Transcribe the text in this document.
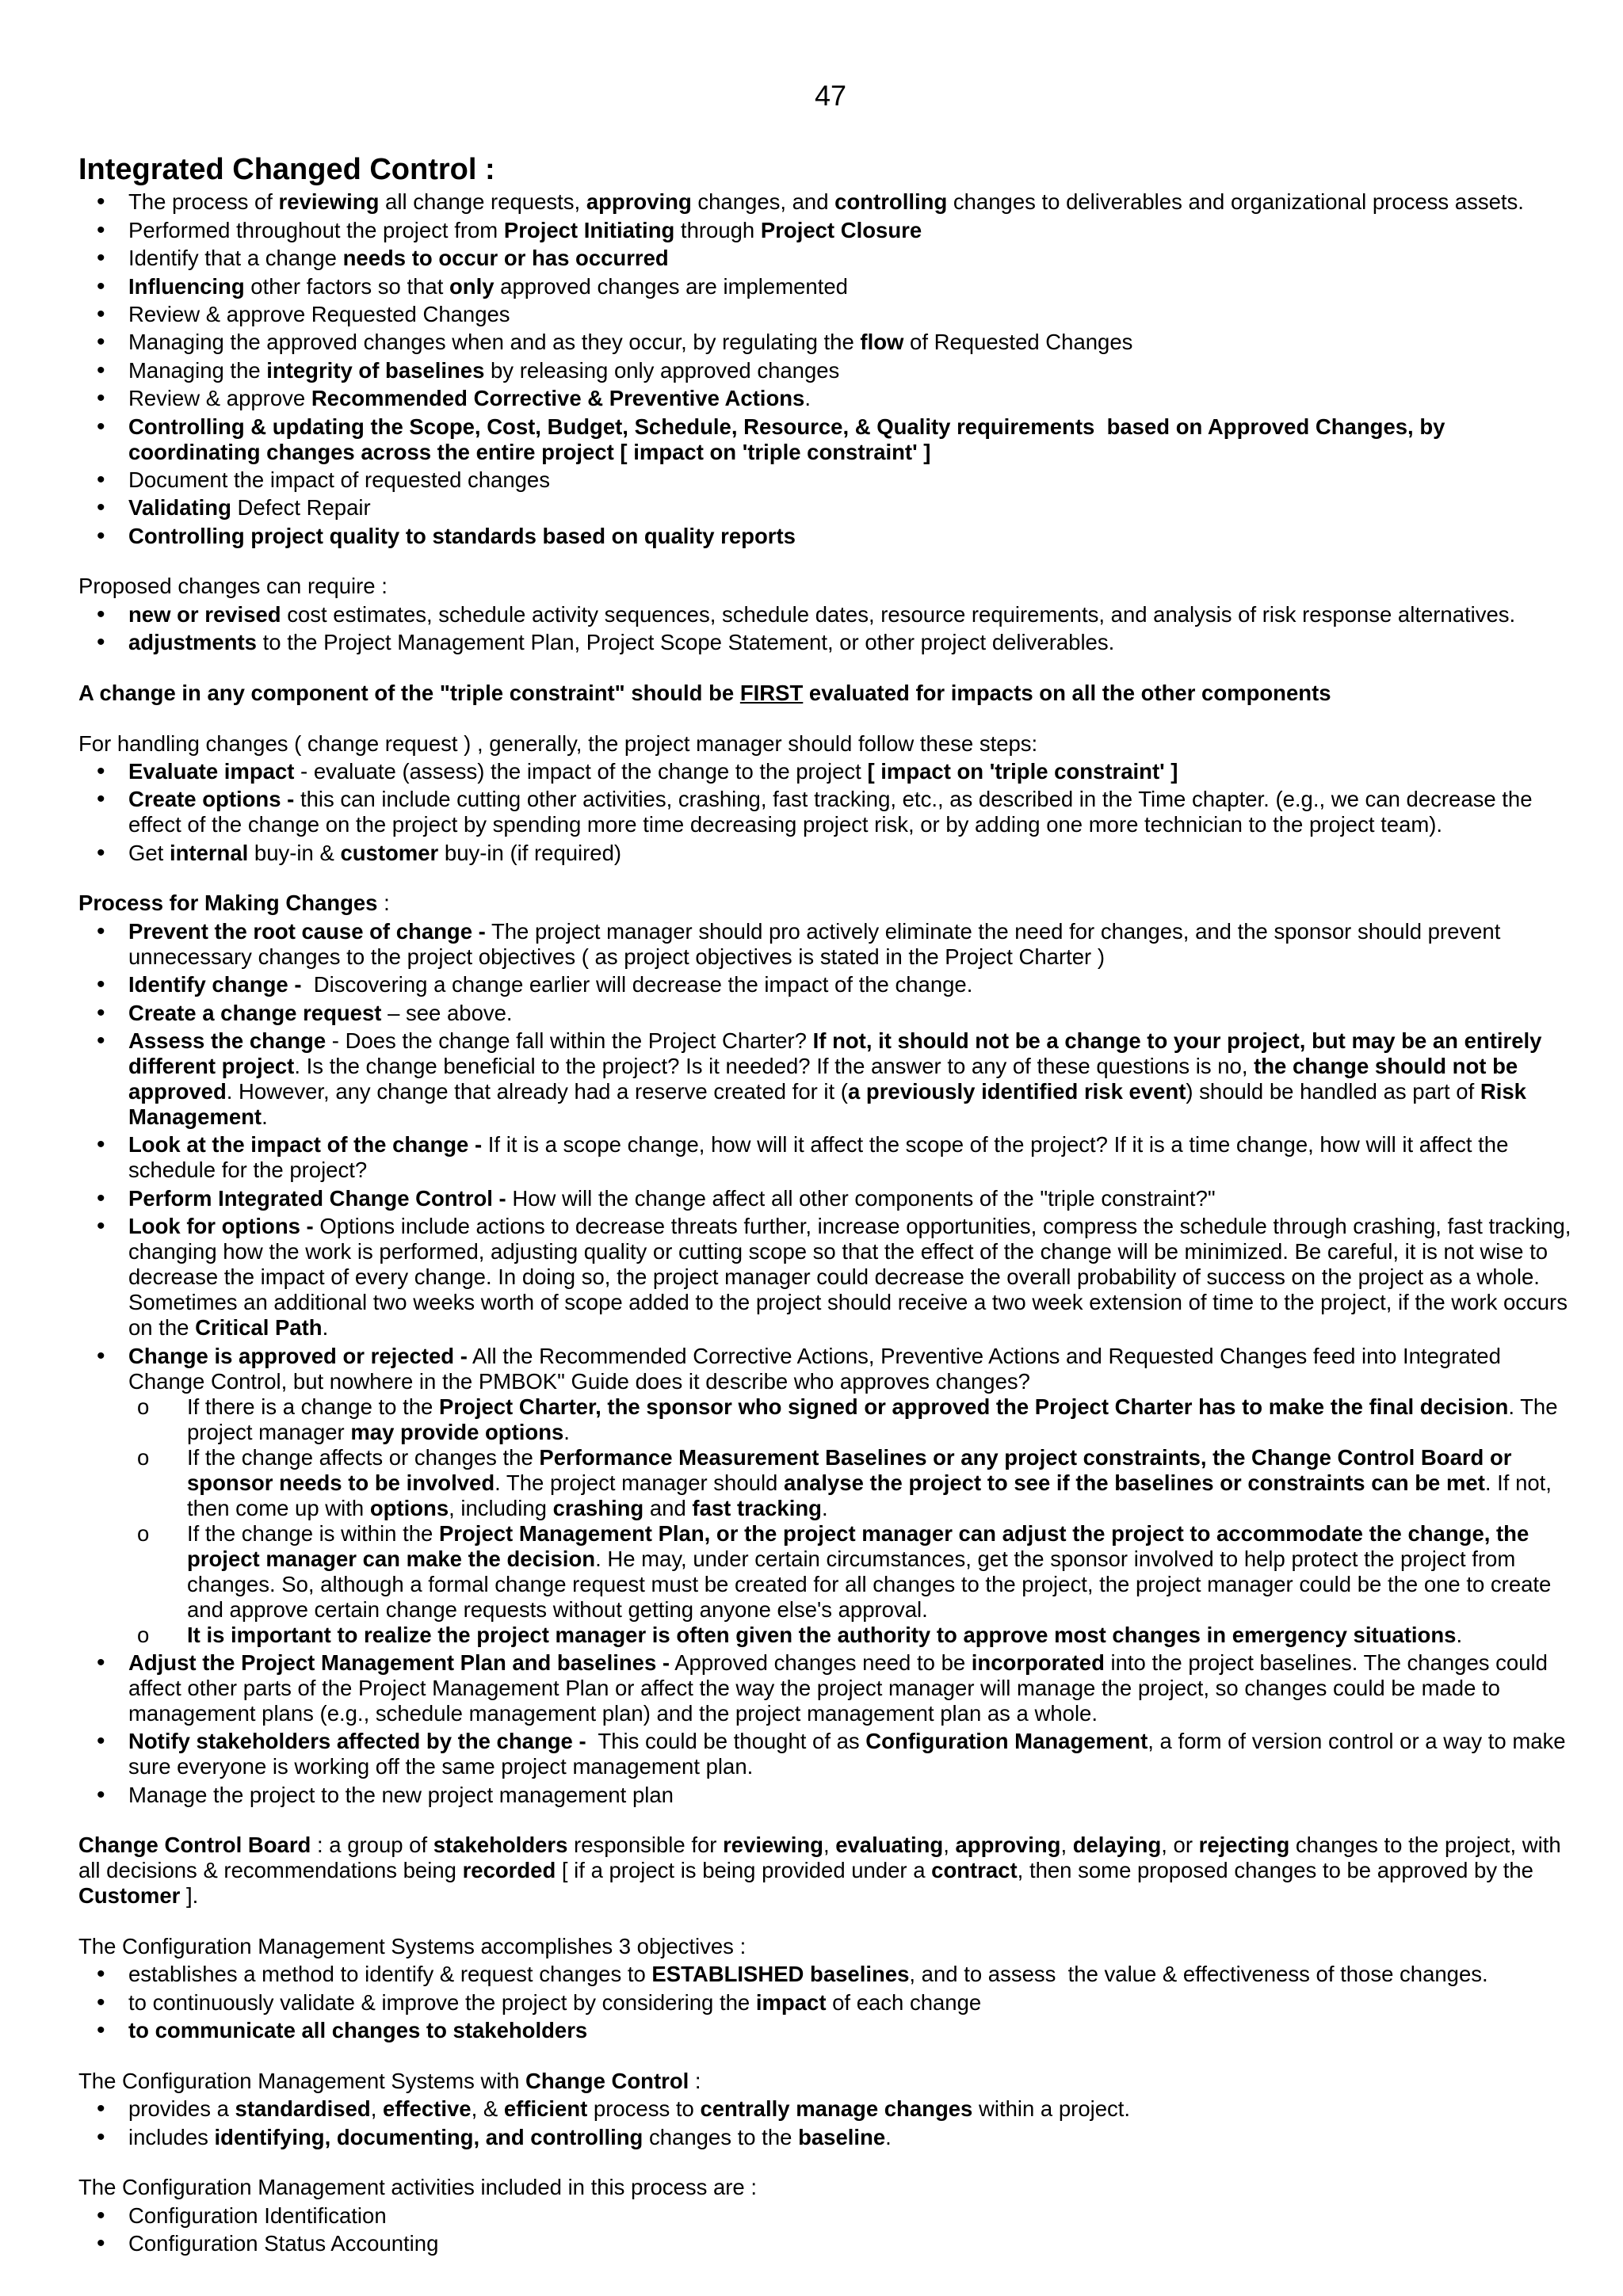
47
Integrated Changed Control :
• The process of reviewing all change requests, approving changes, and controlling changes to deliverables and organizational process assets.
• Performed throughout the project from Project Initiating through Project Closure
• Identify that a change needs to occur or has occurred
• Influencing other factors so that only approved changes are implemented
• Review & approve Requested Changes
• Managing the approved changes when and as they occur, by regulating the flow of Requested Changes
• Managing the integrity of baselines by releasing only approved changes
• Review & approve Recommended Corrective & Preventive Actions.
• Controlling & updating the Scope, Cost, Budget, Schedule, Resource, & Quality requirements  based on Approved Changes, by
coordinating changes across the entire project [ impact on 'triple constraint' ]
• Document the impact of requested changes
• Validating Defect Repair
• Controlling project quality to standards based on quality reports
Proposed changes can require :
• new or revised cost estimates, schedule activity sequences, schedule dates, resource requirements, and analysis of risk response alternatives.
• adjustments to the Project Management Plan, Project Scope Statement, or other project deliverables.
A change in any component of the "triple constraint" should be FIRST evaluated for impacts on all the other components
For handling changes ( change request ) , generally, the project manager should follow these steps:
• Evaluate impact - evaluate (assess) the impact of the change to the project [ impact on 'triple constraint' ]
• Create options - this can include cutting other activities, crashing, fast tracking, etc., as described in the Time chapter. (e.g., we can decrease the
effect of the change on the project by spending more time decreasing project risk, or by adding one more technician to the project team).
• Get internal buy-in & customer buy-in (if required)
Process for Making Changes :
• Prevent the root cause of change - The project manager should pro actively eliminate the need for changes, and the sponsor should prevent
unnecessary changes to the project objectives ( as project objectives is stated in the Project Charter )
• Identify change -  Discovering a change earlier will decrease the impact of the change.
• Create a change request – see above.
• Assess the change - Does the change fall within the Project Charter? If not, it should not be a change to your project, but may be an entirely
different project. Is the change beneficial to the project? Is it needed? If the answer to any of these questions is no, the change should not be
approved. However, any change that already had a reserve created for it (a previously identified risk event) should be handled as part of Risk
Management.
• Look at the impact of the change - If it is a scope change, how will it affect the scope of the project? If it is a time change, how will it affect the
schedule for the project?
• Perform Integrated Change Control - How will the change affect all other components of the "triple constraint?"
• Look for options - Options include actions to decrease threats further, increase opportunities, compress the schedule through crashing, fast tracking,
changing how the work is performed, adjusting quality or cutting scope so that the effect of the change will be minimized. Be careful, it is not wise to
decrease the impact of every change. In doing so, the project manager could decrease the overall probability of success on the project as a whole.
Sometimes an additional two weeks worth of scope added to the project should receive a two week extension of time to the project, if the work occurs
on the Critical Path.
• Change is approved or rejected - All the Recommended Corrective Actions, Preventive Actions and Requested Changes feed into Integrated
Change Control, but nowhere in the PMBOK" Guide does it describe who approves changes?
o If there is a change to the Project Charter, the sponsor who signed or approved the Project Charter has to make the final decision. The
project manager may provide options.
o If the change affects or changes the Performance Measurement Baselines or any project constraints, the Change Control Board or
sponsor needs to be involved. The project manager should analyse the project to see if the baselines or constraints can be met. If not,
then come up with options, including crashing and fast tracking.
o If the change is within the Project Management Plan, or the project manager can adjust the project to accommodate the change, the
project manager can make the decision. He may, under certain circumstances, get the sponsor involved to help protect the project from
changes. So, although a formal change request must be created for all changes to the project, the project manager could be the one to create
and approve certain change requests without getting anyone else's approval.
o It is important to realize the project manager is often given the authority to approve most changes in emergency situations.
• Adjust the Project Management Plan and baselines - Approved changes need to be incorporated into the project baselines. The changes could
affect other parts of the Project Management Plan or affect the way the project manager will manage the project, so changes could be made to
management plans (e.g., schedule management plan) and the project management plan as a whole.
• Notify stakeholders affected by the change -  This could be thought of as Configuration Management, a form of version control or a way to make
sure everyone is working off the same project management plan.
• Manage the project to the new project management plan
Change Control Board : a group of stakeholders responsible for reviewing, evaluating, approving, delaying, or rejecting changes to the project, with
all decisions & recommendations being recorded [ if a project is being provided under a contract, then some proposed changes to be approved by the
Customer ].
The Configuration Management Systems accomplishes 3 objectives :
• establishes a method to identify & request changes to ESTABLISHED baselines, and to assess  the value & effectiveness of those changes.
• to continuously validate & improve the project by considering the impact of each change
• to communicate all changes to stakeholders
The Configuration Management Systems with Change Control :
• provides a standardised, effective, & efficient process to centrally manage changes within a project.
• includes identifying, documenting, and controlling changes to the baseline.
The Configuration Management activities included in this process are :
• Configuration Identification
• Configuration Status Accounting
